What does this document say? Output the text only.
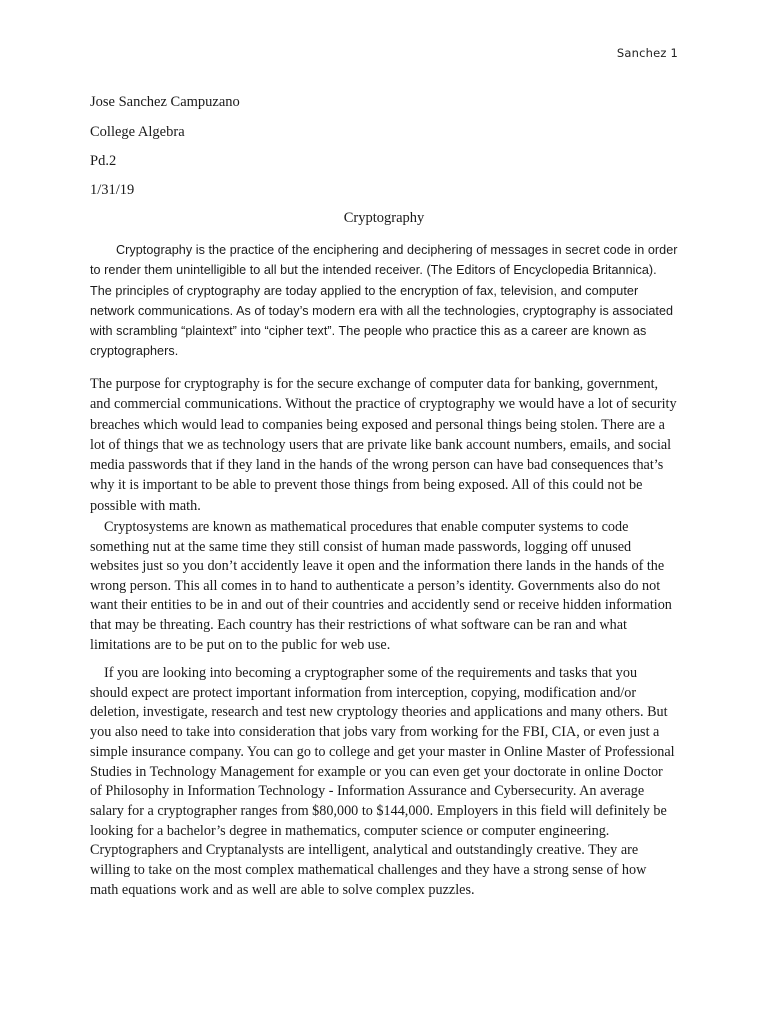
Sanchez 1
Jose Sanchez Campuzano
College Algebra
Pd.2
1/31/19
Cryptography

Cryptography is the practice of the enciphering and deciphering of messages in secret code in order to render them unintelligible to all but the intended receiver. (The Editors of Encyclopedia Britannica). The principles of cryptography are today applied to the encryption of fax, television, and computer network communications. As of today’s modern era with all the technologies, cryptography is associated with scrambling “plaintext” into “cipher text”. The people who practice this as a career are known as cryptographers.

The purpose for cryptography is for the secure exchange of computer data for banking, government, and commercial communications. Without the practice of cryptography we would have a lot of security breaches which would lead to companies being exposed and personal things being stolen. There are a lot of things that we as technology users that are private like bank account numbers, emails, and social media passwords that if they land in the hands of the wrong person can have bad consequences that’s why it is important to be able to prevent those things from being exposed. All of this could not be possible with math.

Cryptosystems are known as mathematical procedures that enable computer systems to code something nut at the same time they still consist of human made passwords, logging off unused websites just so you don’t accidently leave it open and the information there lands in the hands of the wrong person. This all comes in to hand to authenticate a person’s identity. Governments also do not want their entities to be in and out of their countries and accidently send or receive hidden information that may be threating. Each country has their restrictions of what software can be ran and what limitations are to be put on to the public for web use.

If you are looking into becoming a cryptographer some of the requirements and tasks that you should expect are protect important information from interception, copying, modification and/or deletion, investigate, research and test new cryptology theories and applications and many others. But you also need to take into consideration that jobs vary from working for the FBI, CIA, or even just a simple insurance company. You can go to college and get your master in Online Master of Professional Studies in Technology Management for example or you can even get your doctorate in online Doctor of Philosophy in Information Technology - Information Assurance and Cybersecurity. An average salary for a cryptographer ranges from $80,000 to $144,000. Employers in this field will definitely be looking for a bachelor’s degree in mathematics, computer science or computer engineering. Cryptographers and Cryptanalysts are intelligent, analytical and outstandingly creative. They are willing to take on the most complex mathematical challenges and they have a strong sense of how math equations work and as well are able to solve complex puzzles.
